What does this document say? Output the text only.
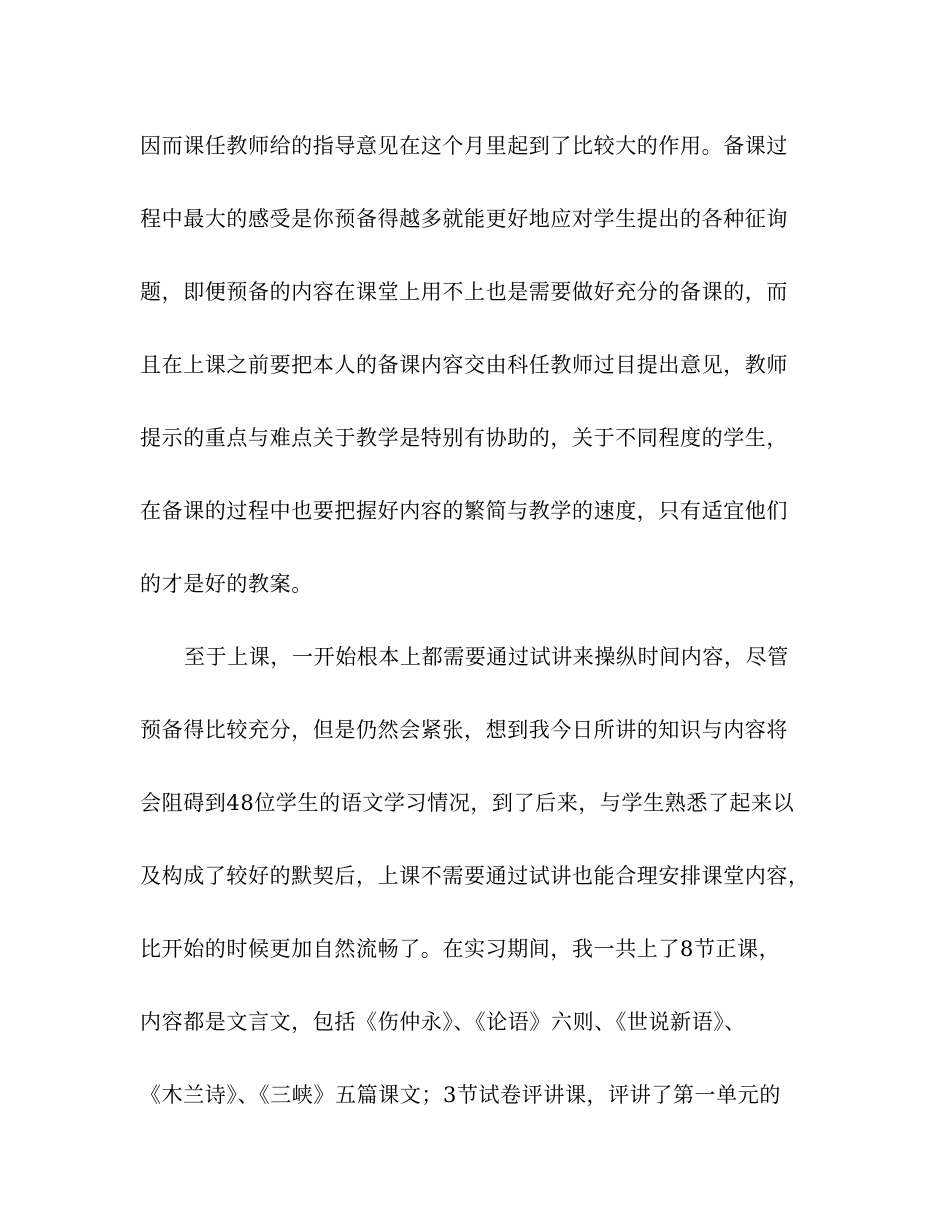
因而课任教师给的指导意见在这个月里起到了比较大的作用。备课过
程中最大的感受是你预备得越多就能更好地应对学生提出的各种征询
题，即便预备的内容在课堂上用不上也是需要做好充分的备课的，而
且在上课之前要把本人的备课内容交由科任教师过目提出意见，教师
提示的重点与难点关于教学是特别有协助的，关于不同程度的学生，
在备课的过程中也要把握好内容的繁简与教学的速度，只有适宜他们
的才是好的教案。
至于上课，一开始根本上都需要通过试讲来操纵时间内容，尽管
预备得比较充分，但是仍然会紧张，想到我今日所讲的知识与内容将
会阻碍到48位学生的语文学习情况，到了后来，与学生熟悉了起来以
及构成了较好的默契后，上课不需要通过试讲也能合理安排课堂内容，
比开始的时候更加自然流畅了。在实习期间，我一共上了8节正课，
内容都是文言文，包括《伤仲永》、《论语》六则、《世说新语》、
《木兰诗》、《三峡》五篇课文；3节试卷评讲课，评讲了第一单元的
